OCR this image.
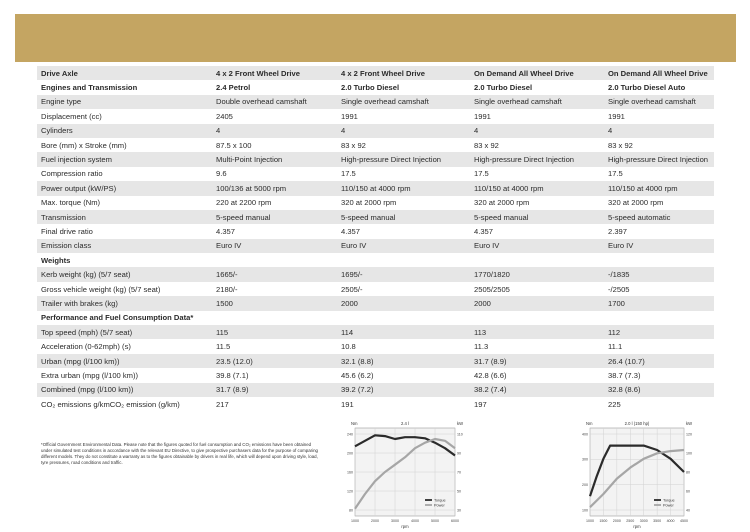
Drive Axle	4 x 2 Front Wheel Drive	4 x 2 Front Wheel Drive	On Demand All Wheel Drive	On Demand All Wheel Drive
Engines and Transmission	2.4 Petrol	2.0 Turbo Diesel	2.0 Turbo Diesel	2.0 Turbo Diesel Auto
Engine type	Double overhead camshaft	Single overhead camshaft	Single overhead camshaft	Single overhead camshaft
Displacement (cc)	2405	1991	1991	1991
Cylinders	4	4	4	4
Bore (mm) x Stroke (mm)	87.5 x 100	83 x 92	83 x 92	83 x 92
Fuel injection system	Multi-Point Injection	High-pressure Direct Injection	High-pressure Direct Injection	High-pressure Direct Injection
Compression ratio	9.6	17.5	17.5	17.5
Power output (kW/PS)	100/136 at 5000 rpm	110/150 at 4000 rpm	110/150 at 4000 rpm	110/150 at 4000 rpm
Max. torque (Nm)	220 at 2200 rpm	320 at 2000 rpm	320 at 2000 rpm	320 at 2000 rpm
Transmission	5-speed manual	5-speed manual	5-speed manual	5-speed automatic
Final drive ratio	4.357	4.357	4.357	2.397
Emission class	Euro IV	Euro IV	Euro IV	Euro IV
Weights				
Kerb weight (kg) (5/7 seat)	1665/-	1695/-	1770/1820	-/1835
Gross vehicle weight (kg) (5/7 seat)	2180/-	2505/-	2505/2505	-/2505
Trailer with brakes (kg)	1500	2000	2000	1700
Performance and Fuel Consumption Data*				
Top speed (mph) (5/7 seat)	115	114	113	112
Acceleration (0-62mph) (s)	11.5	10.8	11.3	11.1
Urban (mpg (l/100 km))	23.5 (12.0)	32.1 (8.8)	31.7 (8.9)	26.4 (10.7)
Extra urban (mpg (l/100 km))	39.8 (7.1)	45.6 (6.2)	42.8 (6.6)	38.7 (7.3)
Combined (mpg (l/100 km))	31.7 (8.9)	39.2 (7.2)	38.2 (7.4)	32.8 (8.6)
CO₂ emissions g/kmCO₂ emission (g/km)	217	191	197	225
*Official Government Environmental Data. Please note that the figures quoted for fuel consumption and CO₂ emissions have been obtained under simulated test conditions in accordance with the relevant EU Directive, to give prospective purchasers data for the purpose of comparing different models. They do not constitute a warranty as to the figures obtainable by drivers in real life, which will depend upon driving style, load, tyre pressures, road conditions and traffic.
1000	2000	3000	4000	5000	6000
240
200
160
120
80
110
90
70
50
30
Nm	kW
2.4 l
rpm
Torque
Power
1000 1500 2000 2500 3000 3500 4000 4500
400
300
200
100
120
100
80
60
40
Nm	kW
2.0 l (150 hp)
rpm
Torque
Power
